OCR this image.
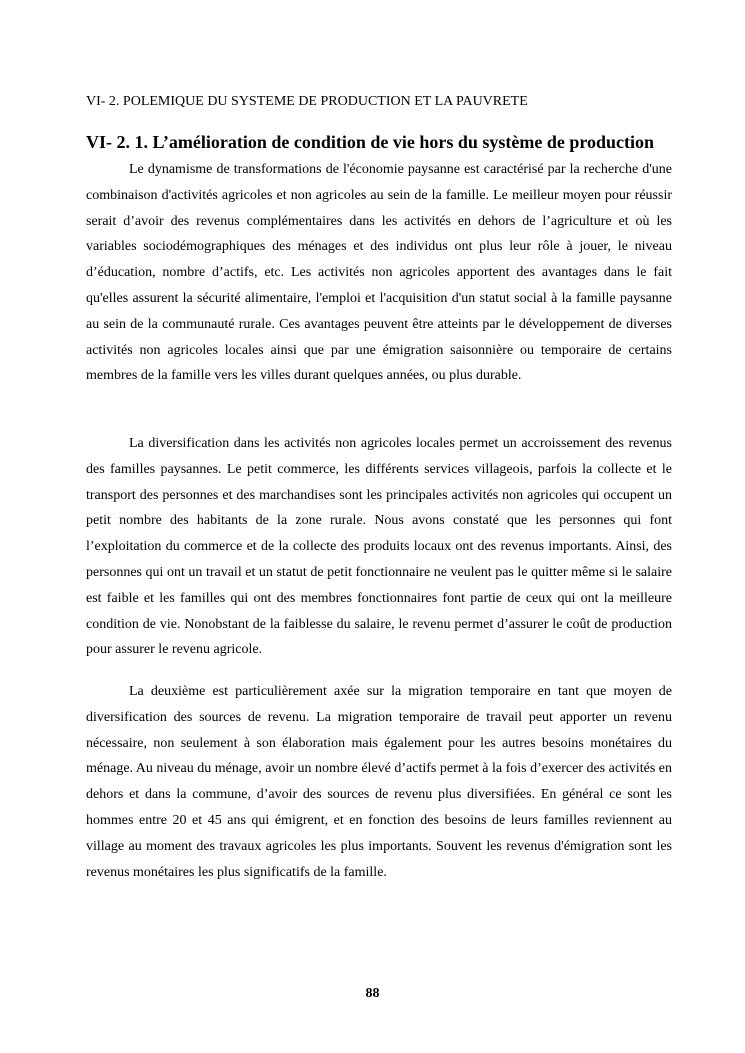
VI- 2. POLEMIQUE DU SYSTEME DE PRODUCTION ET LA PAUVRETE
VI- 2. 1. L’amélioration de condition de vie hors du système de production

Le dynamisme de transformations de l'économie paysanne est caractérisé par la recherche d'une combinaison d'activités agricoles et non agricoles au sein de la famille. Le meilleur moyen pour réussir serait d’avoir des revenus complémentaires dans les activités en dehors de l’agriculture et où les variables sociodémographiques des ménages et des individus ont plus leur rôle à jouer, le niveau d’éducation, nombre d’actifs, etc. Les activités non agricoles apportent des avantages dans le fait qu'elles assurent la sécurité alimentaire, l'emploi et l'acquisition d'un statut social à la famille paysanne au sein de la communauté rurale. Ces avantages peuvent être atteints par le développement de diverses activités non agricoles locales ainsi que par une émigration saisonnière ou temporaire de certains membres de la famille vers les villes durant quelques années, ou plus durable.

La diversification dans les activités non agricoles locales permet un accroissement des revenus des familles paysannes. Le petit commerce, les différents services villageois, parfois la collecte et le transport des personnes et des marchandises sont les principales activités non agricoles qui occupent un petit nombre des habitants de la zone rurale. Nous avons constaté que les personnes qui font l’exploitation du commerce et de la collecte des produits locaux ont des revenus importants. Ainsi, des personnes qui ont un travail et un statut de petit fonctionnaire ne veulent pas le quitter même si le salaire est faible et les familles qui ont des membres fonctionnaires font partie de ceux qui ont la meilleure condition de vie. Nonobstant de la faiblesse du salaire, le revenu permet d’assurer le coût de production pour assurer le revenu agricole.

La deuxième est particulièrement axée sur la migration temporaire en tant que moyen de diversification des sources de revenu. La migration temporaire de travail peut apporter un revenu nécessaire, non seulement à son élaboration mais également pour les autres besoins monétaires du ménage. Au niveau du ménage, avoir un nombre élevé d’actifs permet à la fois d’exercer des activités en dehors et dans la commune, d’avoir des sources de revenu plus diversifiées. En général ce sont les hommes entre 20 et 45 ans qui émigrent, et en fonction des besoins de leurs familles reviennent au village au moment des travaux agricoles les plus importants. Souvent les revenus d'émigration sont les revenus monétaires les plus significatifs de la famille.

88
